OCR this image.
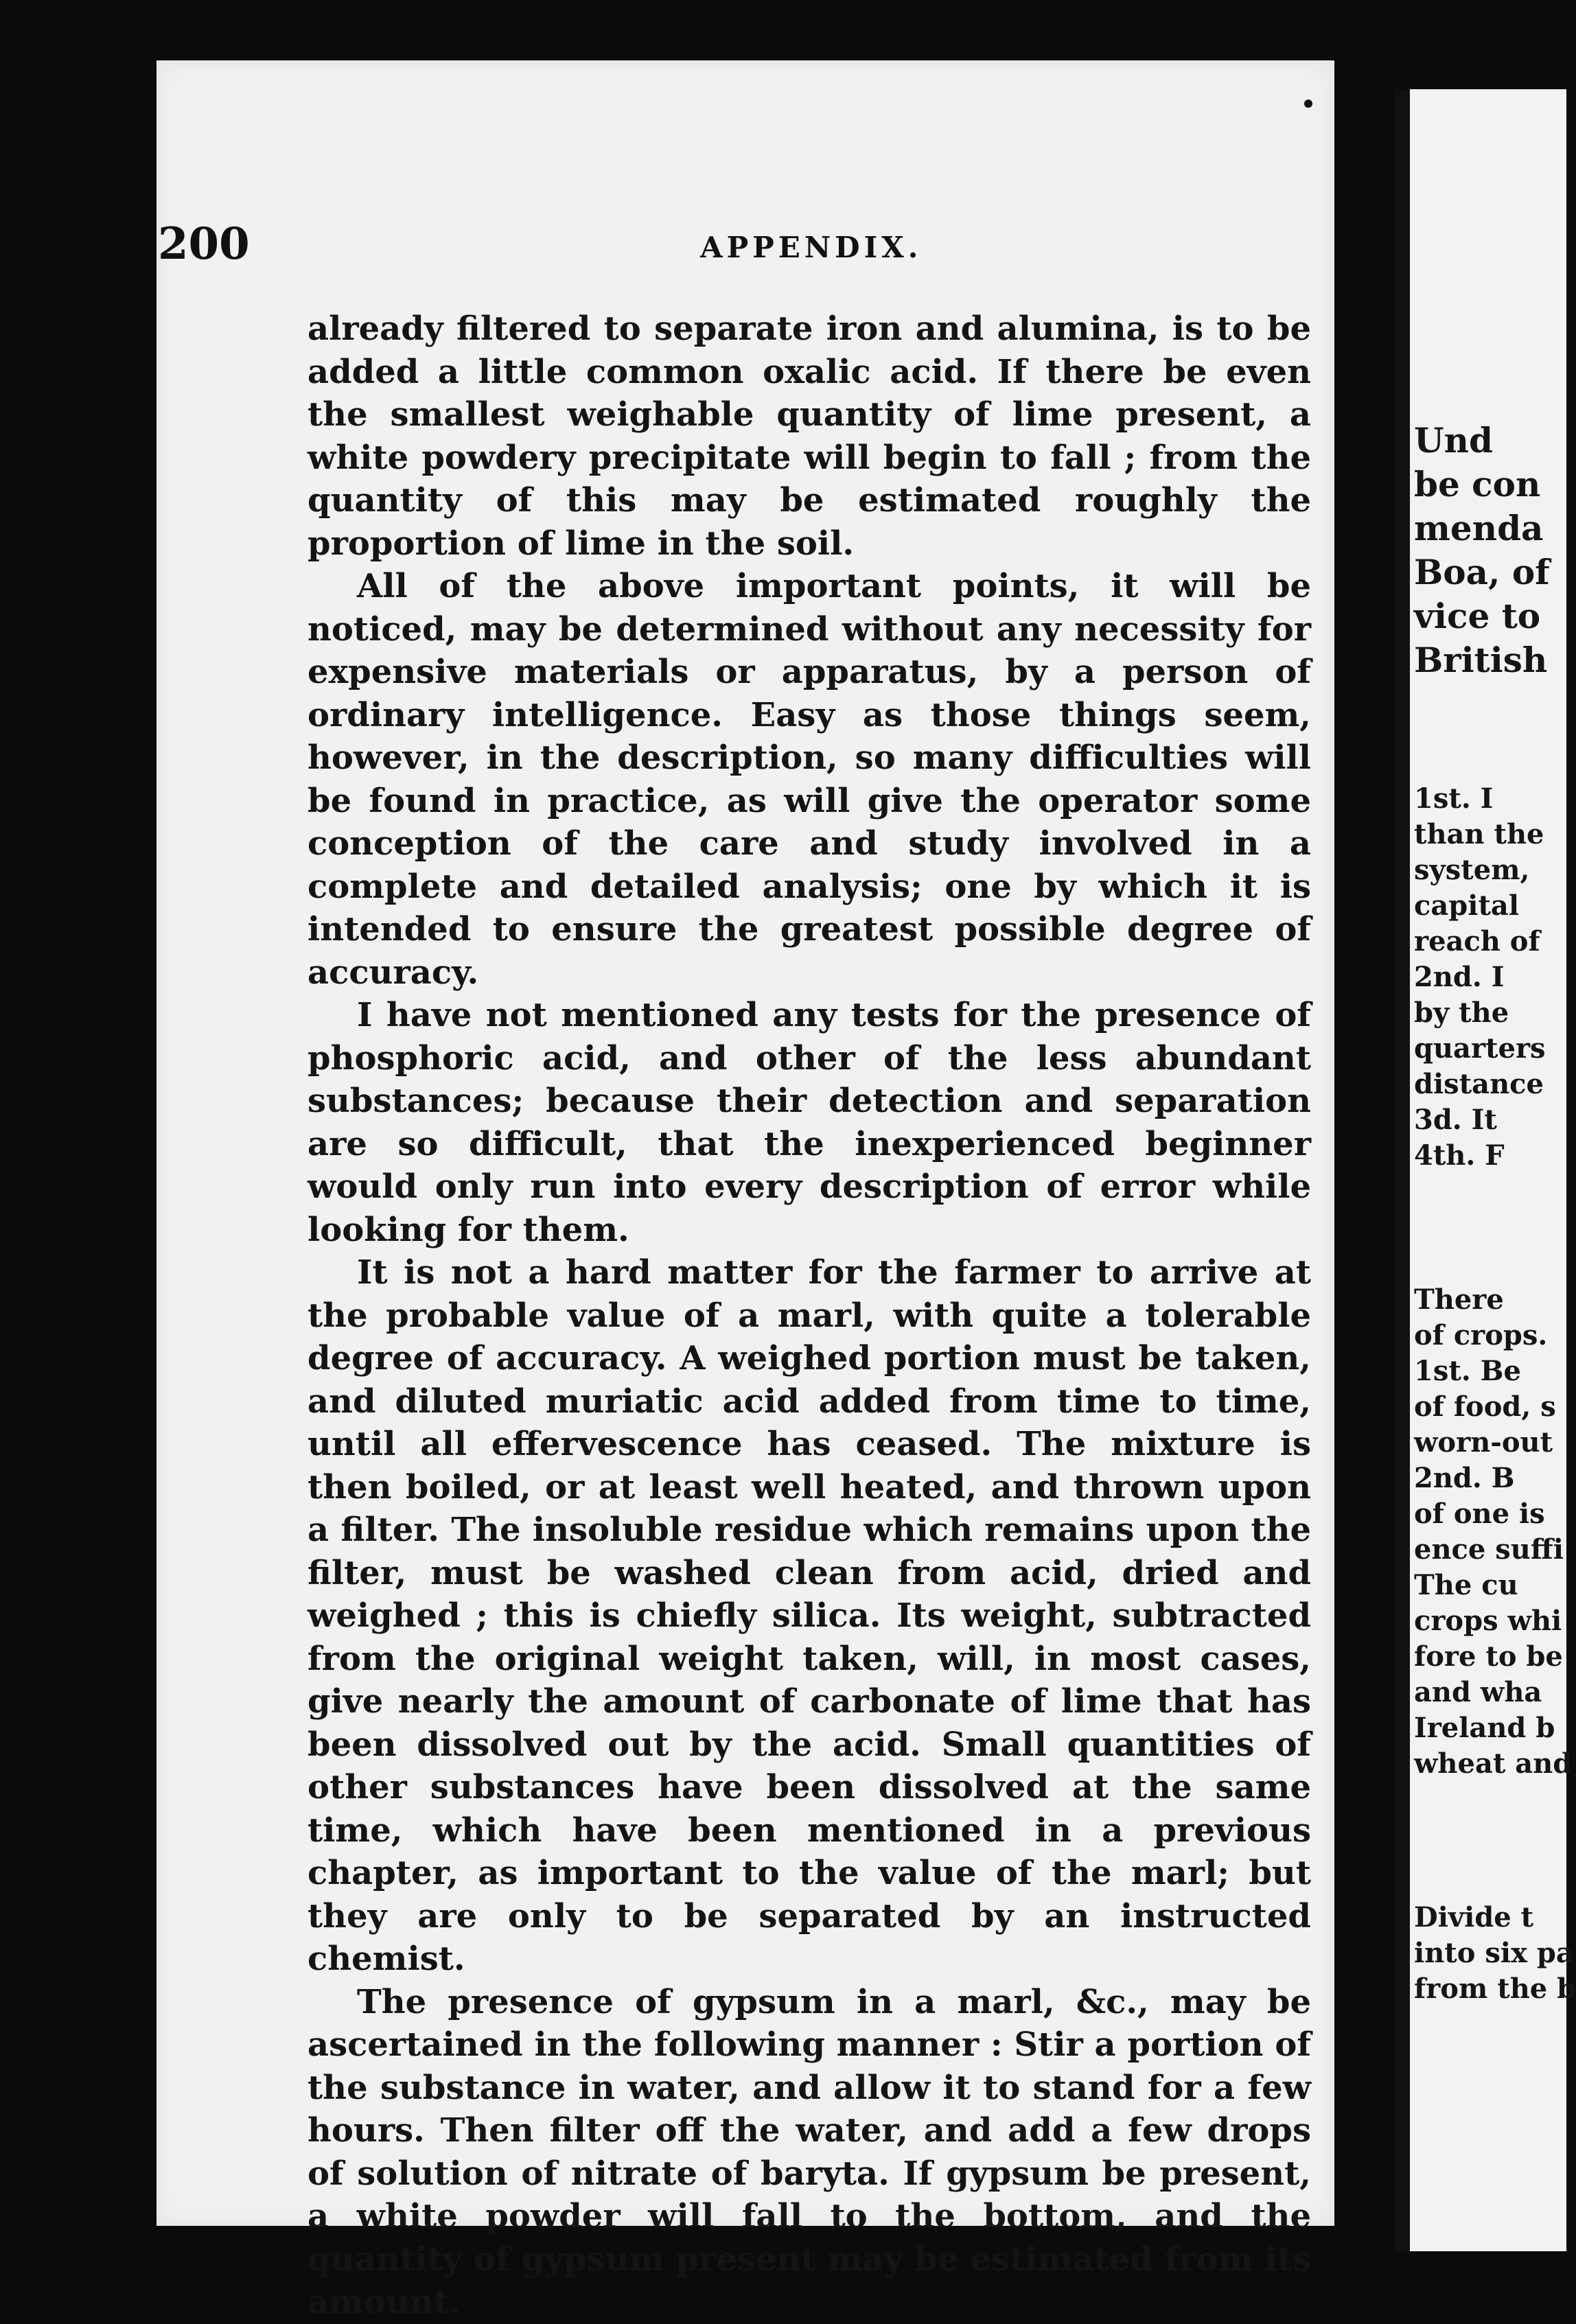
200	APPENDIX.

already filtered to separate iron and alumina, is to be added a little common oxalic acid. If there be even the smallest weighable quantity of lime present, a white powdery precipitate will begin to fall ; from the quantity of this may be estimated roughly the proportion of lime in the soil.

All of the above important points, it will be noticed, may be determined without any necessity for expensive materials or apparatus, by a person of ordinary intelligence. Easy as those things seem, however, in the description, so many difficulties will be found in practice, as will give the operator some conception of the care and study involved in a complete and detailed analysis; one by which it is intended to ensure the greatest possible degree of accuracy.

I have not mentioned any tests for the presence of phosphoric acid, and other of the less abundant substances; because their detection and separation are so difficult, that the inexperienced beginner would only run into every description of error while looking for them.

It is not a hard matter for the farmer to arrive at the probable value of a marl, with quite a tolerable degree of accuracy. A weighed portion must be taken, and diluted muriatic acid added from time to time, until all effervescence has ceased. The mixture is then boiled, or at least well heated, and thrown upon a filter. The insoluble residue which remains upon the filter, must be washed clean from acid, dried and weighed ; this is chiefly silica. Its weight, subtracted from the original weight taken, will, in most cases, give nearly the amount of carbonate of lime that has been dissolved out by the acid. Small quantities of other substances have been dissolved at the same time, which have been mentioned in a previous chapter, as important to the value of the marl; but they are only to be separated by an instructed chemist.

The presence of gypsum in a marl, &c., may be ascertained in the following manner : Stir a portion of the substance in water, and allow it to stand for a few hours. Then filter off the water, and add a few drops of solution of nitrate of baryta. If gypsum be present, a white powder will fall to the bottom, and the quantity of gypsum present may be estimated from its amount.

Und
be con
menda
Boa, of
vice to
British
1st. I
than the
system,
capital
reach of
2nd. I
by the
quarters
distance
3d. It
4th. F
There
of crops.
1st. Be
of food, s
worn-out
2nd. B
of one is
ence suffi
The cu
crops whi
fore to be
and wha
Ireland b
wheat and
Divide t
into six pa
from the b
